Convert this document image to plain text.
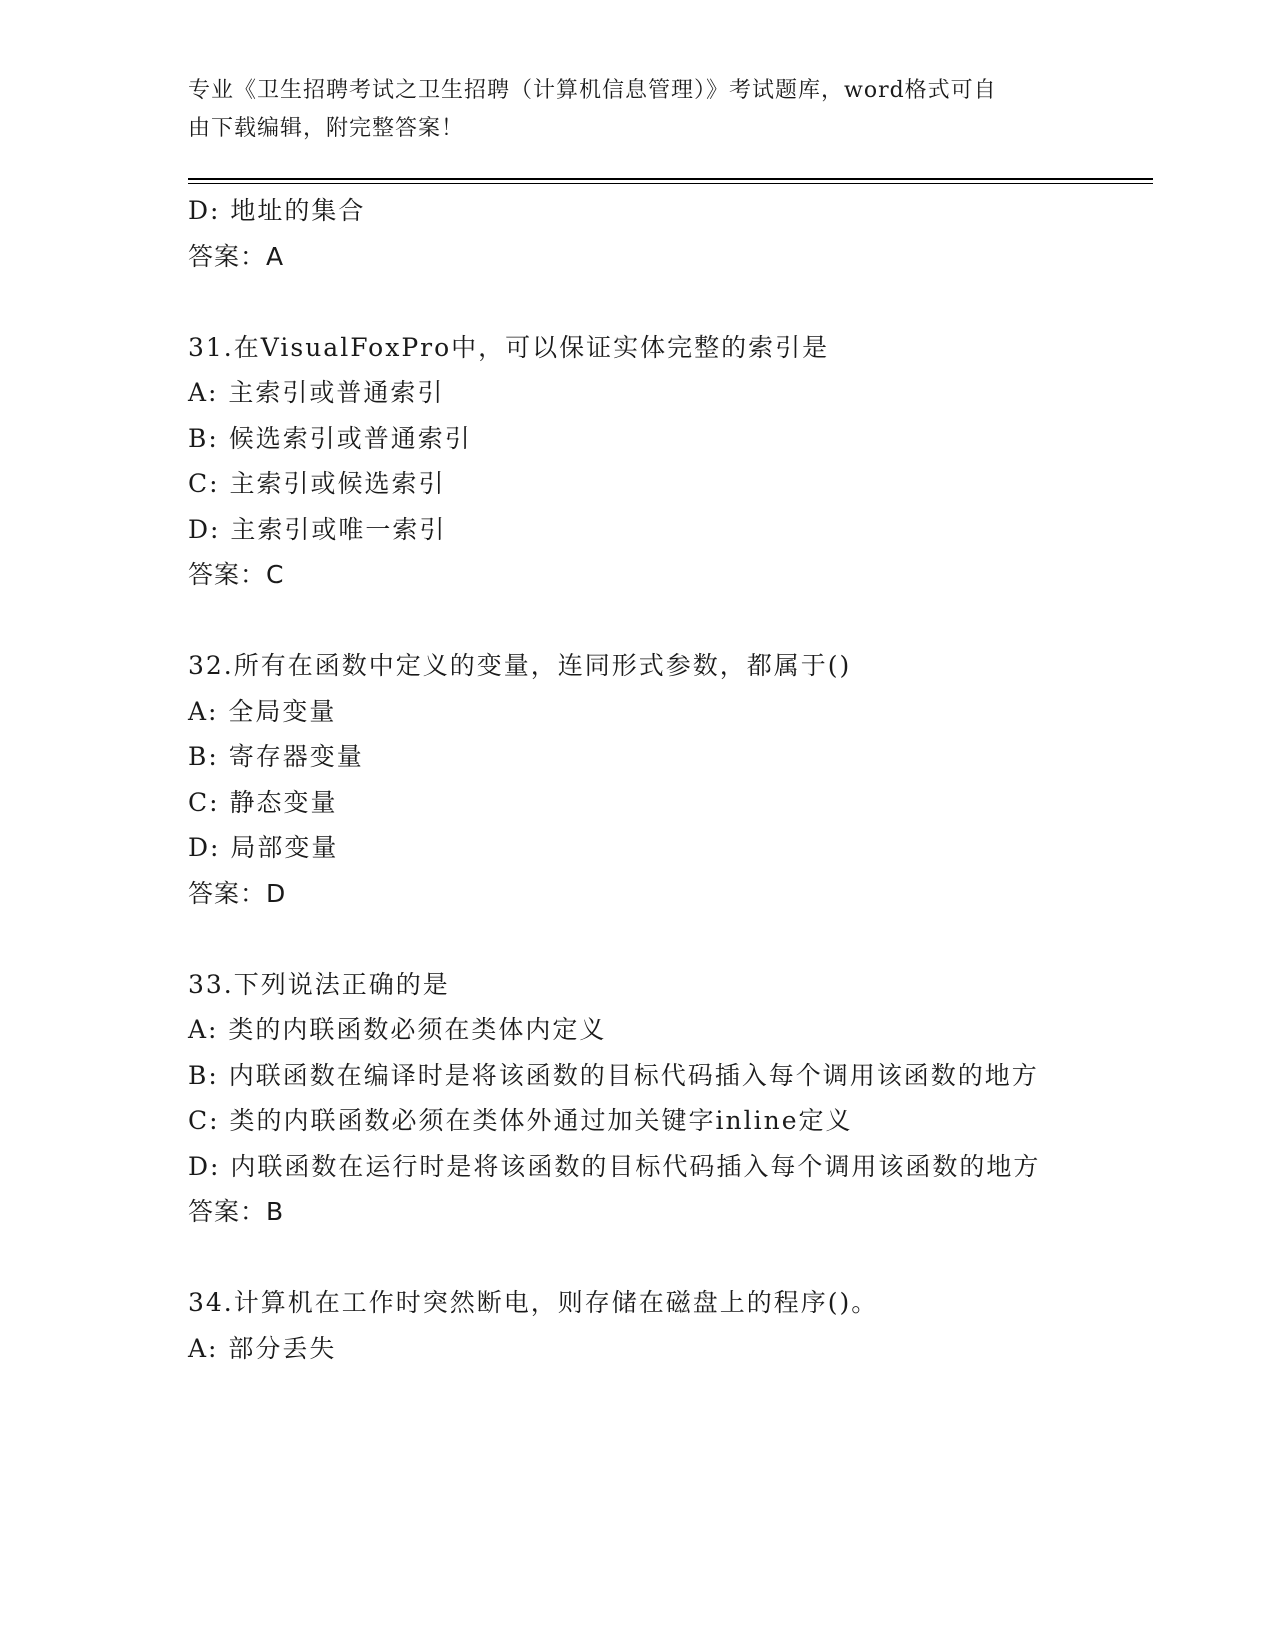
专业《卫生招聘考试之卫生招聘（计算机信息管理）》考试题库，word格式可自
由下载编辑，附完整答案！
D: 地址的集合
答案：A
31.在VisualFoxPro中，可以保证实体完整的索引是
A: 主索引或普通索引
B: 候选索引或普通索引
C: 主索引或候选索引
D: 主索引或唯一索引
答案：C
32.所有在函数中定义的变量，连同形式参数，都属于()
A: 全局变量
B: 寄存器变量
C: 静态变量
D: 局部变量
答案：D
33.下列说法正确的是
A: 类的内联函数必须在类体内定义
B: 内联函数在编译时是将该函数的目标代码插入每个调用该函数的地方
C: 类的内联函数必须在类体外通过加关键字inline定义
D: 内联函数在运行时是将该函数的目标代码插入每个调用该函数的地方
答案：B
34.计算机在工作时突然断电，则存储在磁盘上的程序()。
A: 部分丢失
